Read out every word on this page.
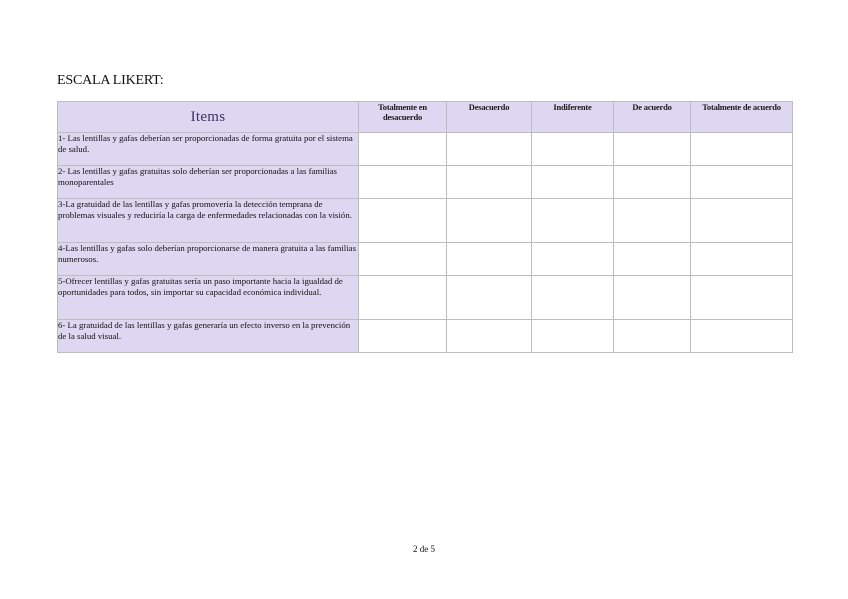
ESCALA LIKERT:
Items	Totalmente en desacuerdo	Desacuerdo	Indiferente	De acuerdo	Totalmente de acuerdo
1- Las lentillas y gafas deberían ser proporcionadas de forma gratuita por el sistema de salud.					
2- Las lentillas y gafas gratuitas solo deberían ser proporcionadas a las familias monoparentales					
3-La gratuidad de las lentillas y gafas promovería la detección temprana de problemas visuales y reduciría la carga de enfermedades relacionadas con la visión.					
4-Las lentillas y gafas solo deberían proporcionarse de manera gratuita a las familias numerosos.					
5-Ofrecer lentillas y gafas gratuitas sería un paso importante hacia la igualdad de oportunidades para todos, sin importar su capacidad económica individual.					
6- La gratuidad de las lentillas y gafas generaría un efecto inverso en la prevención de la salud visual.					
2 de 5
